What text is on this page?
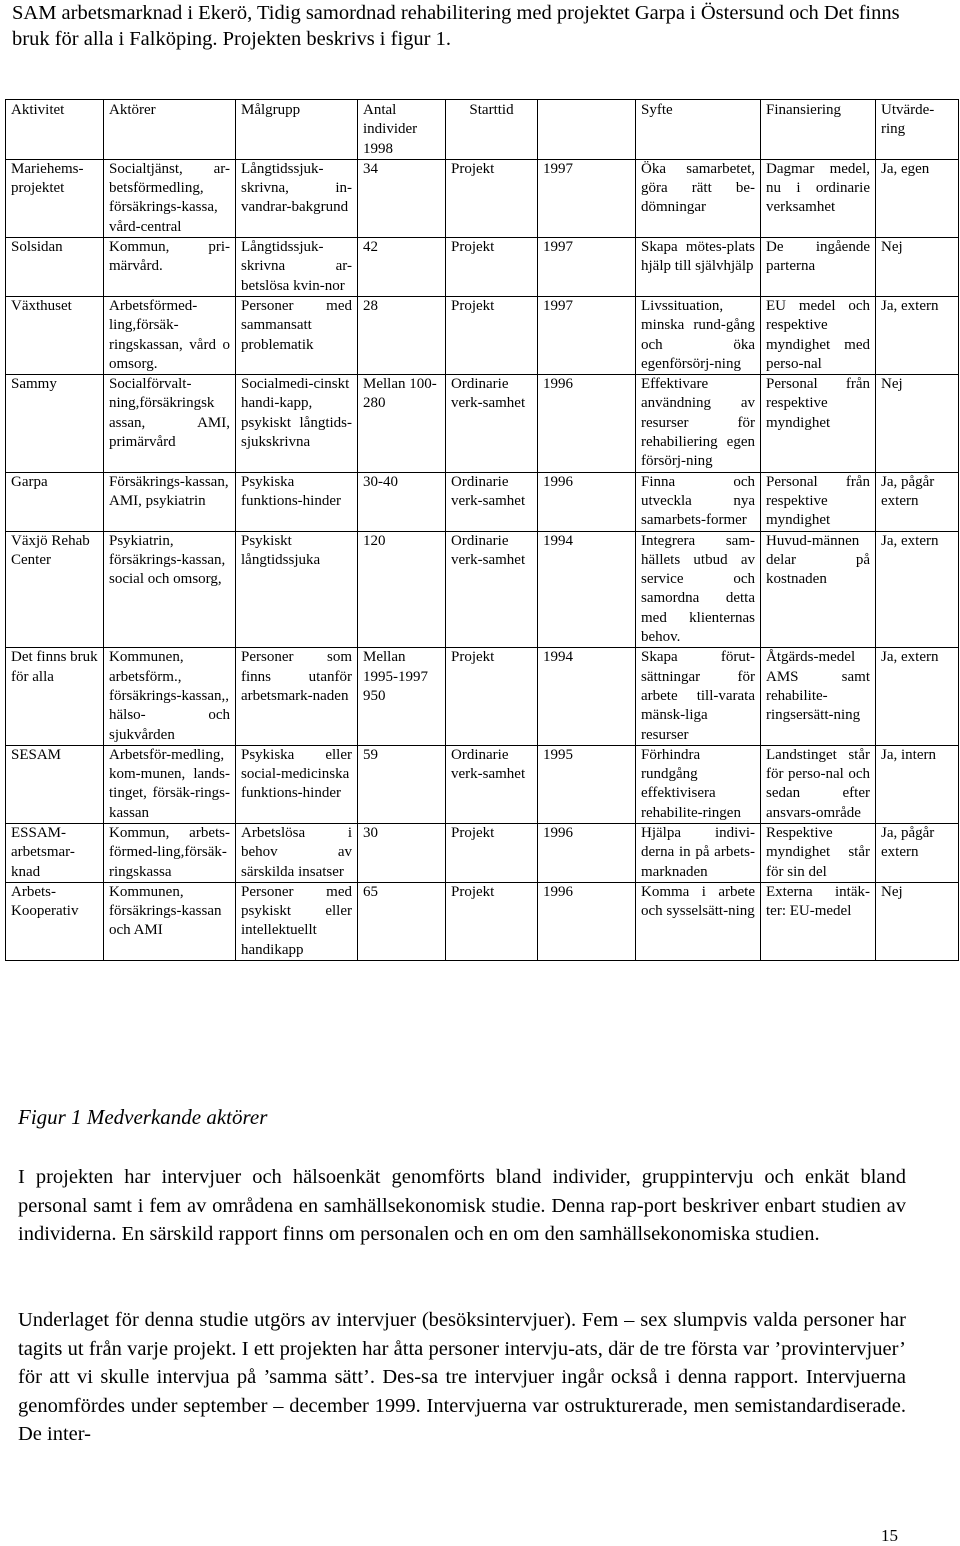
SAM arbetsmarknad i Ekerö, Tidig samordnad rehabilitering med projektet Garpa i Östersund och Det finns bruk för alla i Falköping. Projekten beskrivs i figur 1.

Aktivitet	Aktörer	Målgrupp	Antal individer 1998	Starttid		Syfte	Finansiering	Utvärde-ring
Mariehems-projektet	Socialtjänst, ar-betsförmedling, försäkrings-kassa, vård-central	Långtidssjuk-skrivna, in-vandrar-bakgrund	34	Projekt	1997	Öka samarbetet, göra rätt be-dömningar	Dagmar medel, nu i ordinarie verksamhet	Ja, egen
Solsidan	Kommun, pri-märvård.	Långtidssjuk-skrivna ar-betslösa kvin-nor	42	Projekt	1997	Skapa mötes-plats hjälp till självhjälp	De ingående parterna	Nej
Växthuset	Arbetsförmed-ling,försäk-ringskassan, vård o omsorg.	Personer med sammansatt problematik	28	Projekt	1997	Livssituation, minska rund-gång och öka egenförsörj-ning	EU medel och respektive myndighet med perso-nal	Ja, extern
Sammy	Socialförvalt-ning,försäkringsk assan, AMI, primärvård	Socialmedi-cinskt handi-kapp, psykiskt långtids-sjukskrivna	Mellan 100-280	Ordinarie verk-samhet	1996	Effektivare användning av resurser för rehabiliering egen försörj-ning	Personal från respektive myndighet	Nej
Garpa	Försäkrings-kassan, AMI, psykiatrin	Psykiska funktions-hinder	30-40	Ordinarie verk-samhet	1996	Finna och utveckla nya samarbets-former	Personal från respektive myndighet	Ja, pågår extern
Växjö Rehab Center	Psykiatrin, försäkrings-kassan, social och omsorg,	Psykiskt långtidssjuka	120	Ordinarie verk-samhet	1994	Integrera sam-hällets utbud av service och samordna detta med klienternas behov.	Huvud-männen delar på kostnaden	Ja, extern
Det finns bruk för alla	Kommunen, arbetsförm., försäkrings-kassan,, hälso- och sjukvården	Personer som finns utanför arbetsmark-naden	Mellan 1995-1997 950	Projekt	1994	Skapa förut-sättningar för arbete till-varata mänsk-liga resurser	Åtgärds-medel AMS samt rehabilite-ringsersätt-ning	Ja, extern
SESAM	Arbetsför-medling, kom-munen, lands-tinget, försäk-rings-kassan	Psykiska eller social-medicinska funktions-hinder	59	Ordinarie verk-samhet	1995	Förhindra rundgång effektivisera rehabilite-ringen	Landstinget står för perso-nal och sedan efter ansvars-område	Ja, intern
ESSAM-arbetsmar-knad	Kommun, arbets-förmed-ling,försäk-ringskassa	Arbetslösa i behov av särskilda insatser	30	Projekt	1996	Hjälpa indivi-derna in på arbets-marknaden	Respektive myndighet står för sin del	Ja, pågår extern
Arbets-Kooperativ	Kommunen, försäkrings-kassan och AMI	Personer med psykiskt eller intellektuellt handikapp	65	Projekt	1996	Komma i arbete och sysselsätt-ning	Externa intäk-ter: EU-medel	Nej

Figur 1 Medverkande aktörer

I projekten har intervjuer och hälsoenkät genomförts bland individer, gruppintervju och enkät bland personal samt i fem av områdena en samhällsekonomisk studie. Denna rap-port beskriver enbart studien av individerna. En särskild rapport finns om personalen och en om den samhällsekonomiska studien.

Underlaget för denna studie utgörs av intervjuer (besöksintervjuer). Fem – sex slumpvis valda personer har tagits ut från varje projekt. I ett projekten har åtta personer intervju-ats, där de tre första var ’provintervjuer’ för att vi skulle intervjua på ’samma sätt’. Des-sa tre intervjuer ingår också i denna rapport. Intervjuerna genomfördes under september – december 1999. Intervjuerna var ostrukturerade, men semistandardiserade. De inter-

15
